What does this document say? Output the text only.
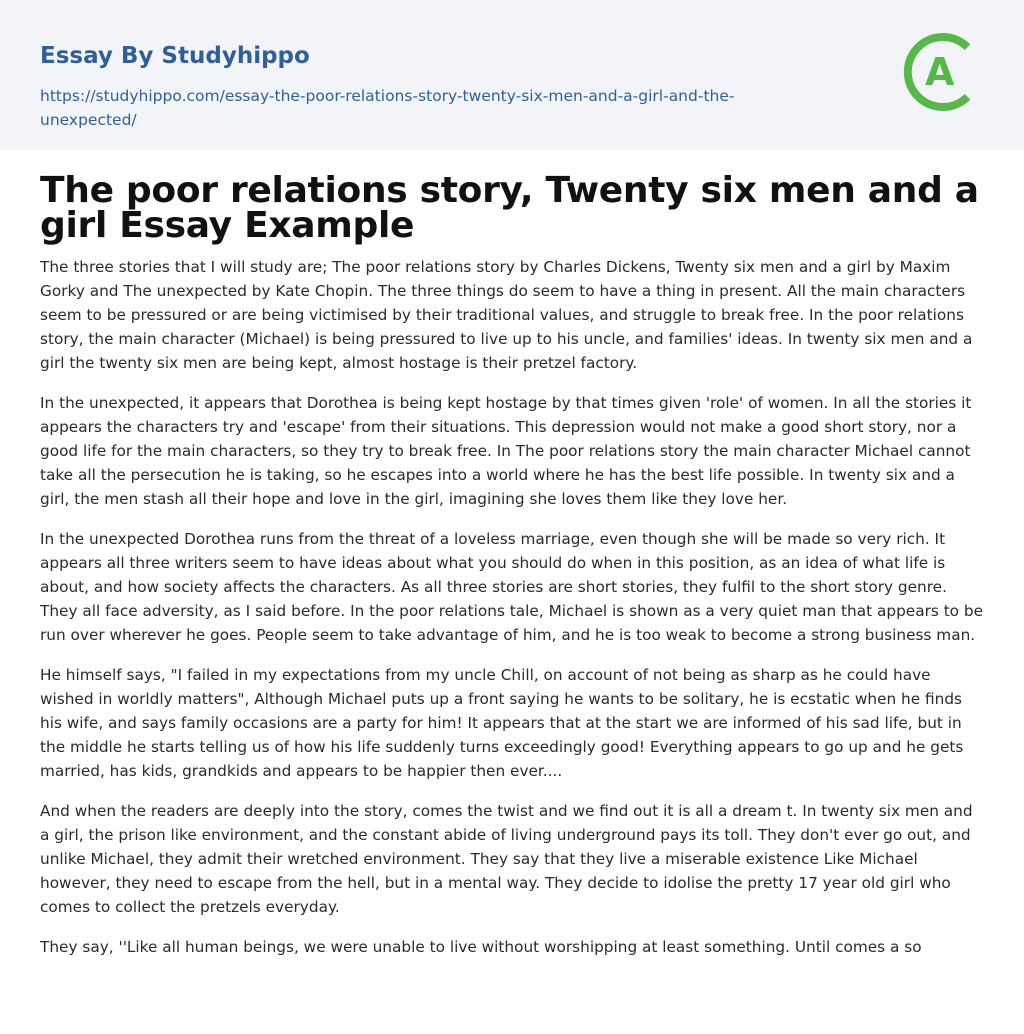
Essay By Studyhippo
https://studyhippo.com/essay-the-poor-relations-story-twenty-six-men-and-a-girl-and-the-unexpected/
A
The poor relations story, Twenty six men and a girl Essay Example

The three stories that I will study are; The poor relations story by Charles Dickens, Twenty six men and a girl by Maxim Gorky and The unexpected by Kate Chopin. The three things do seem to have a thing in present. All the main characters seem to be pressured or are being victimised by their traditional values, and struggle to break free. In the poor relations story, the main character (Michael) is being pressured to live up to his uncle, and families' ideas. In twenty six men and a girl the twenty six men are being kept, almost hostage is their pretzel factory.

In the unexpected, it appears that Dorothea is being kept hostage by that times given 'role' of women. In all the stories it appears the characters try and 'escape' from their situations. This depression would not make a good short story, nor a good life for the main characters, so they try to break free. In The poor relations story the main character Michael cannot take all the persecution he is taking, so he escapes into a world where he has the best life possible. In twenty six and a girl, the men stash all their hope and love in the girl, imagining she loves them like they love her.

In the unexpected Dorothea runs from the threat of a loveless marriage, even though she will be made so very rich. It appears all three writers seem to have ideas about what you should do when in this position, as an idea of what life is about, and how society affects the characters. As all three stories are short stories, they fulfil to the short story genre. They all face adversity, as I said before. In the poor relations tale, Michael is shown as a very quiet man that appears to be run over wherever he goes. People seem to take advantage of him, and he is too weak to become a strong business man.

He himself says, "I failed in my expectations from my uncle Chill, on account of not being as sharp as he could have wished in worldly matters", Although Michael puts up a front saying he wants to be solitary, he is ecstatic when he finds his wife, and says family occasions are a party for him! It appears that at the start we are informed of his sad life, but in the middle he starts telling us of how his life suddenly turns exceedingly good! Everything appears to go up and he gets married, has kids, grandkids and appears to be happier then ever....

And when the readers are deeply into the story, comes the twist and we find out it is all a dream t. In twenty six men and a girl, the prison like environment, and the constant abide of living underground pays its toll. They don't ever go out, and unlike Michael, they admit their wretched environment. They say that they live a miserable existence Like Michael however, they need to escape from the hell, but in a mental way. They decide to idolise the pretty 17 year old girl who comes to collect the pretzels everyday.

They say, ''Like all human beings, we were unable to live without worshipping at least something. Until comes a so
